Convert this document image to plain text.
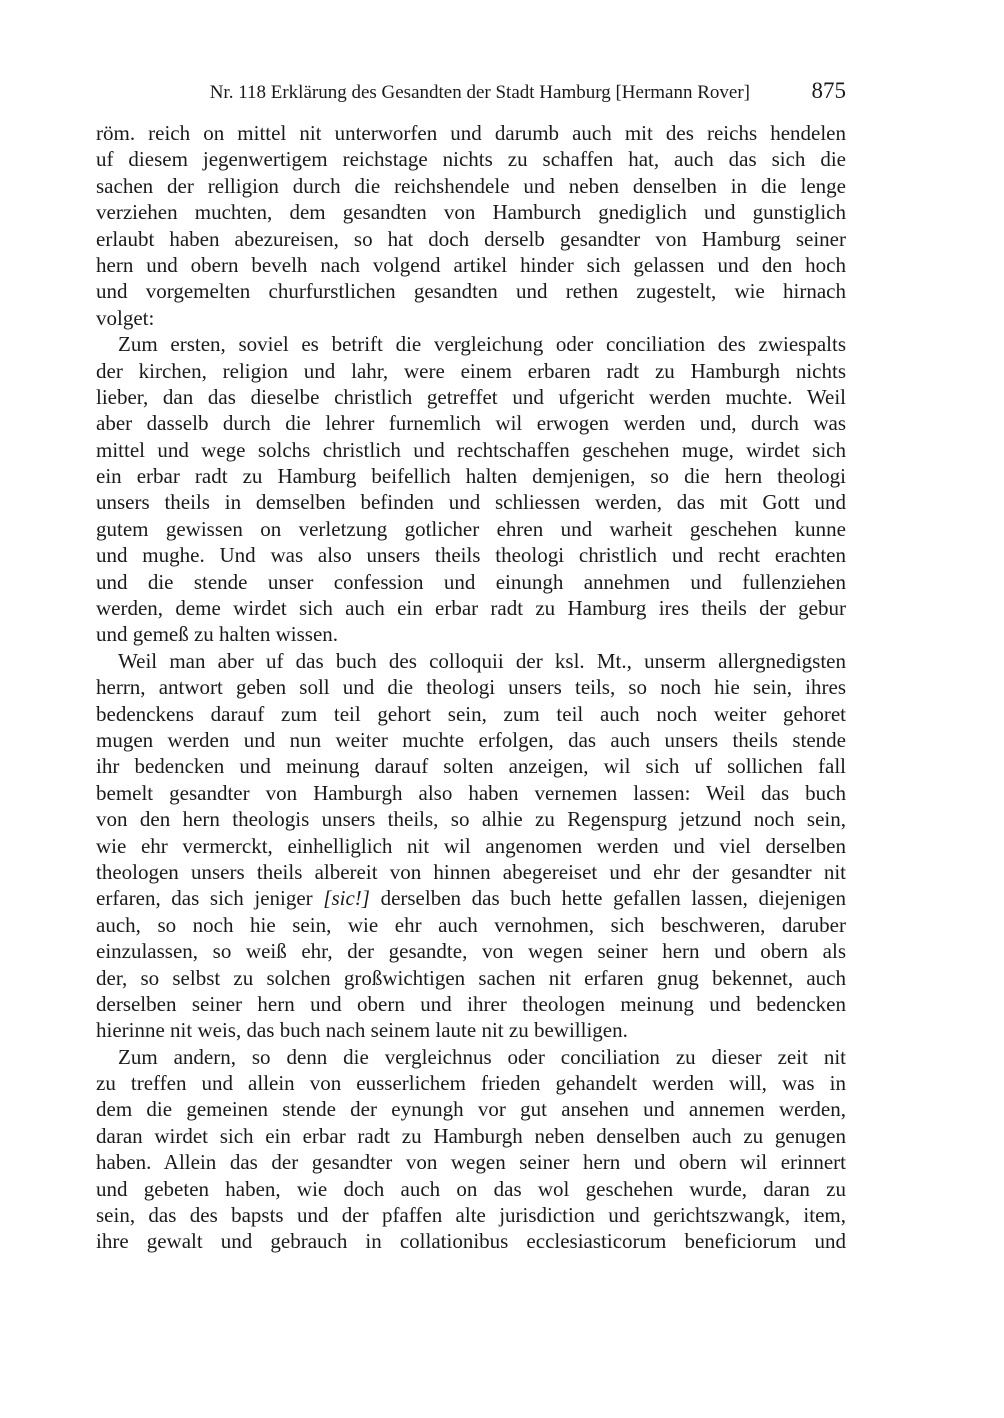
Nr. 118 Erklärung des Gesandten der Stadt Hamburg [Hermann Rover]	875
röm. reich on mittel nit unterworfen und darumb auch mit des reichs hendelen
uf diesem jegenwertigem reichstage nichts zu schaffen hat, auch das sich die
sachen der relligion durch die reichshendele und neben denselben in die lenge
verziehen muchten, dem gesandten von Hamburch gnediglich und gunstiglich
erlaubt haben abezureisen, so hat doch derselb gesandter von Hamburg seiner
hern und obern bevelh nach volgend artikel hinder sich gelassen und den hoch
und vorgemelten churfurstlichen gesandten und rethen zugestelt, wie hirnach
volget:
Zum ersten, soviel es betrift die vergleichung oder conciliation des zwiespalts
der kirchen, religion und lahr, were einem erbaren radt zu Hamburgh nichts
lieber, dan das dieselbe christlich getreffet und ufgericht werden muchte. Weil
aber dasselb durch die lehrer furnemlich wil erwogen werden und, durch was
mittel und wege solchs christlich und rechtschaffen geschehen muge, wirdet sich
ein erbar radt zu Hamburg beifellich halten demjenigen, so die hern theologi
unsers theils in demselben befinden und schliessen werden, das mit Gott und
gutem gewissen on verletzung gotlicher ehren und warheit geschehen kunne
und mughe. Und was also unsers theils theologi christlich und recht erachten
und die stende unser confession und einungh annehmen und fullenziehen
werden, deme wirdet sich auch ein erbar radt zu Hamburg ires theils der gebur
und gemeß zu halten wissen.
Weil man aber uf das buch des colloquii der ksl. Mt., unserm allergnedigsten
herrn, antwort geben soll und die theologi unsers teils, so noch hie sein, ihres
bedenckens darauf zum teil gehort sein, zum teil auch noch weiter gehoret
mugen werden und nun weiter muchte erfolgen, das auch unsers theils stende
ihr bedencken und meinung darauf solten anzeigen, wil sich uf sollichen fall
bemelt gesandter von Hamburgh also haben vernemen lassen: Weil das buch
von den hern theologis unsers theils, so alhie zu Regenspurg jetzund noch sein,
wie ehr vermerckt, einhelliglich nit wil angenomen werden und viel derselben
theologen unsers theils albereit von hinnen abegereiset und ehr der gesandter nit
erfaren, das sich jeniger [sic!] derselben das buch hette gefallen lassen, diejenigen
auch, so noch hie sein, wie ehr auch vernohmen, sich beschweren, daruber
einzulassen, so weiß ehr, der gesandte, von wegen seiner hern und obern als
der, so selbst zu solchen großwichtigen sachen nit erfaren gnug bekennet, auch
derselben seiner hern und obern und ihrer theologen meinung und bedencken
hierinne nit weis, das buch nach seinem laute nit zu bewilligen.
Zum andern, so denn die vergleichnus oder conciliation zu dieser zeit nit
zu treffen und allein von eusserlichem frieden gehandelt werden will, was in
dem die gemeinen stende der eynungh vor gut ansehen und annemen werden,
daran wirdet sich ein erbar radt zu Hamburgh neben denselben auch zu genugen
haben. Allein das der gesandter von wegen seiner hern und obern wil erinnert
und gebeten haben, wie doch auch on das wol geschehen wurde, daran zu
sein, das des bapsts und der pfaffen alte jurisdiction und gerichtszwangk, item,
ihre gewalt und gebrauch in collationibus ecclesiasticorum beneficiorum und
